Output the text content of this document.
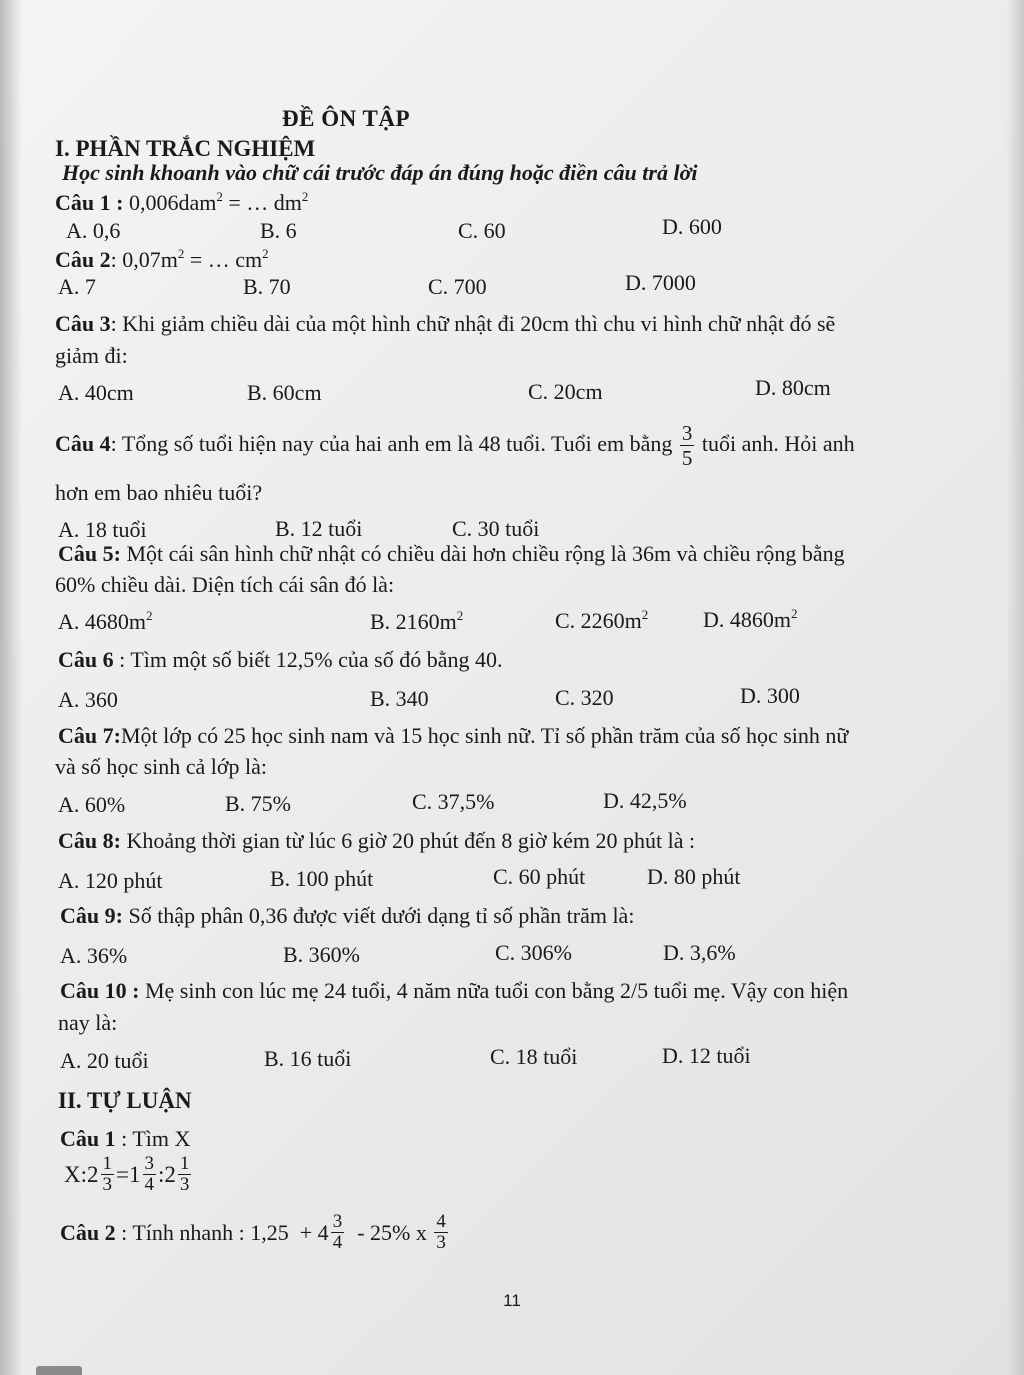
ĐỀ ÔN TẬP
I. PHẦN TRẮC NGHIỆM
Học sinh khoanh vào chữ cái trước đáp án đúng hoặc điền câu trả lời
Câu 1 : 0,006dam$^2$ = … $dm^2$
A. 0,6	B. 6	C. 60	D. 600
Câu 2: $0,07m^2$ = … $cm^2$
A. 7	B. 70	C. 700	D. 7000
Câu 3: Khi giảm chiều dài của một hình chữ nhật đi 20cm thì chu vi hình chữ nhật đó sẽ
giảm đi:
A. 40cm	B. 60cm	C. 20cm	D. 80cm
Câu 4: Tổng số tuổi hiện nay của hai anh em là 48 tuổi. Tuổi em bằng $\frac{3}{5}$ tuổi anh. Hỏi anh
hơn em bao nhiêu tuổi?
A. 18 tuổi	B. 12 tuổi	C. 30 tuổi
Câu 5: Một cái sân hình chữ nhật có chiều dài hơn chiều rộng là 36m và chiều rộng bằng
60% chiều dài. Diện tích cái sân đó là:
A. $4680m^2$	B. $2160m^2$	C. $2260m^2$ D. $4860m^2$
Câu 6 : Tìm một số biết 12,5% của số đó bằng 40.
A. 360	B. 340	C. 320	D. 300
Câu 7:Một lớp có 25 học sinh nam và 15 học sinh nữ. Tỉ số phần trăm của số học sinh nữ
và số học sinh cả lớp là:
A. 60%	B. 75%	C. 37,5%	D. 42,5%
Câu 8: Khoảng thời gian từ lúc 6 giờ 20 phút đến 8 giờ kém 20 phút là :
A. 120 phút	B. 100 phút	C. 60 phút	D. 80 phút
Câu 9: Số thập phân 0,36 được viết dưới dạng tỉ số phần trăm là:
A. 36%	B. 360%	C. 306%	D. 3,6%
Câu 10 : Mẹ sinh con lúc mẹ 24 tuổi, 4 năm nữa tuổi con bằng 2/5 tuổi mẹ. Vậy con hiện
nay là:
A. 20 tuổi	B. 16 tuổi	C. 18 tuổi	D. 12 tuổi
II. TỰ LUẬN
Câu 1 : Tìm X
X : $2 \frac{1}{3} = 1 \frac{3}{4}$ : $2 \frac{1}{3}$
Câu 2 : Tính nhanh : $1,25 + 4 \frac{3}{4} - 25\%$ x $\frac{4}{3}$
11
